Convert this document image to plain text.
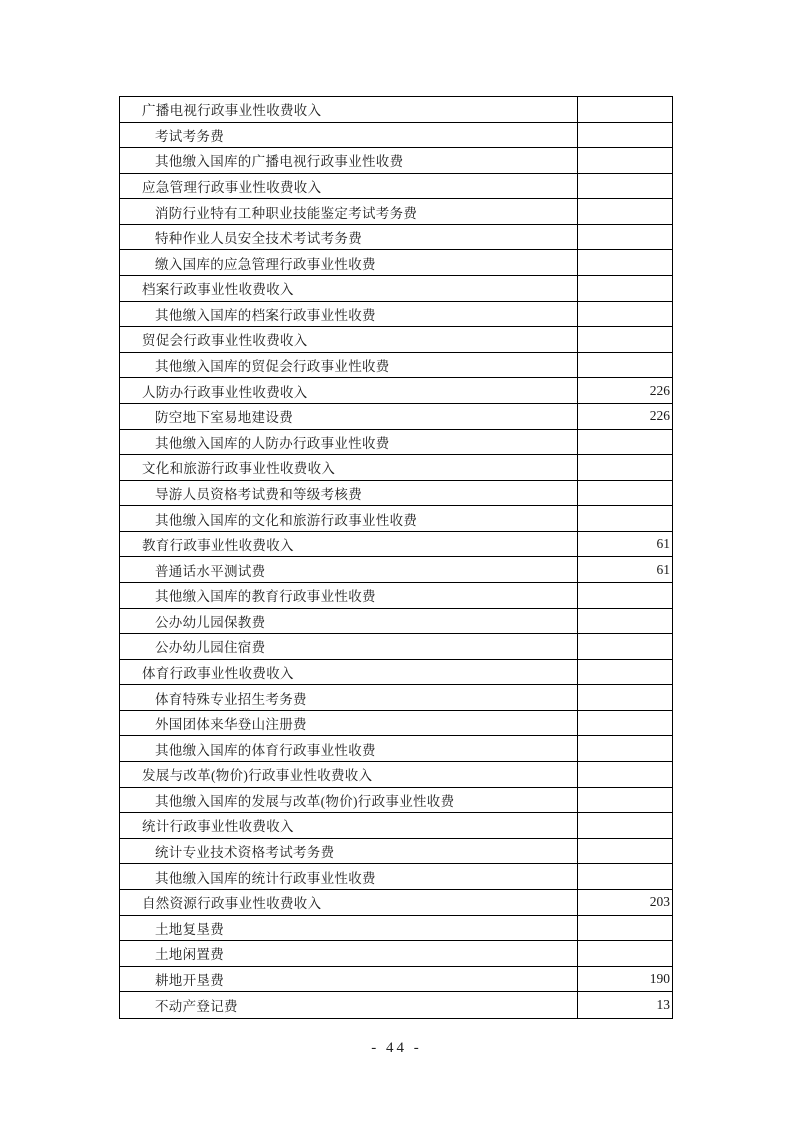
广播电视行政事业性收费收入
考试考务费
其他缴入国库的广播电视行政事业性收费
应急管理行政事业性收费收入
消防行业特有工种职业技能鉴定考试考务费
特种作业人员安全技术考试考务费
缴入国库的应急管理行政事业性收费
档案行政事业性收费收入
其他缴入国库的档案行政事业性收费
贸促会行政事业性收费收入
其他缴入国库的贸促会行政事业性收费
人防办行政事业性收费收入	226
防空地下室易地建设费	226
其他缴入国库的人防办行政事业性收费
文化和旅游行政事业性收费收入
导游人员资格考试费和等级考核费
其他缴入国库的文化和旅游行政事业性收费
教育行政事业性收费收入	61
普通话水平测试费	61
其他缴入国库的教育行政事业性收费
公办幼儿园保教费
公办幼儿园住宿费
体育行政事业性收费收入
体育特殊专业招生考务费
外国团体来华登山注册费
其他缴入国库的体育行政事业性收费
发展与改革(物价)行政事业性收费收入
其他缴入国库的发展与改革(物价)行政事业性收费
统计行政事业性收费收入
统计专业技术资格考试考务费
其他缴入国库的统计行政事业性收费
自然资源行政事业性收费收入	203
土地复垦费
土地闲置费
耕地开垦费	190
不动产登记费	13
- 44 -
